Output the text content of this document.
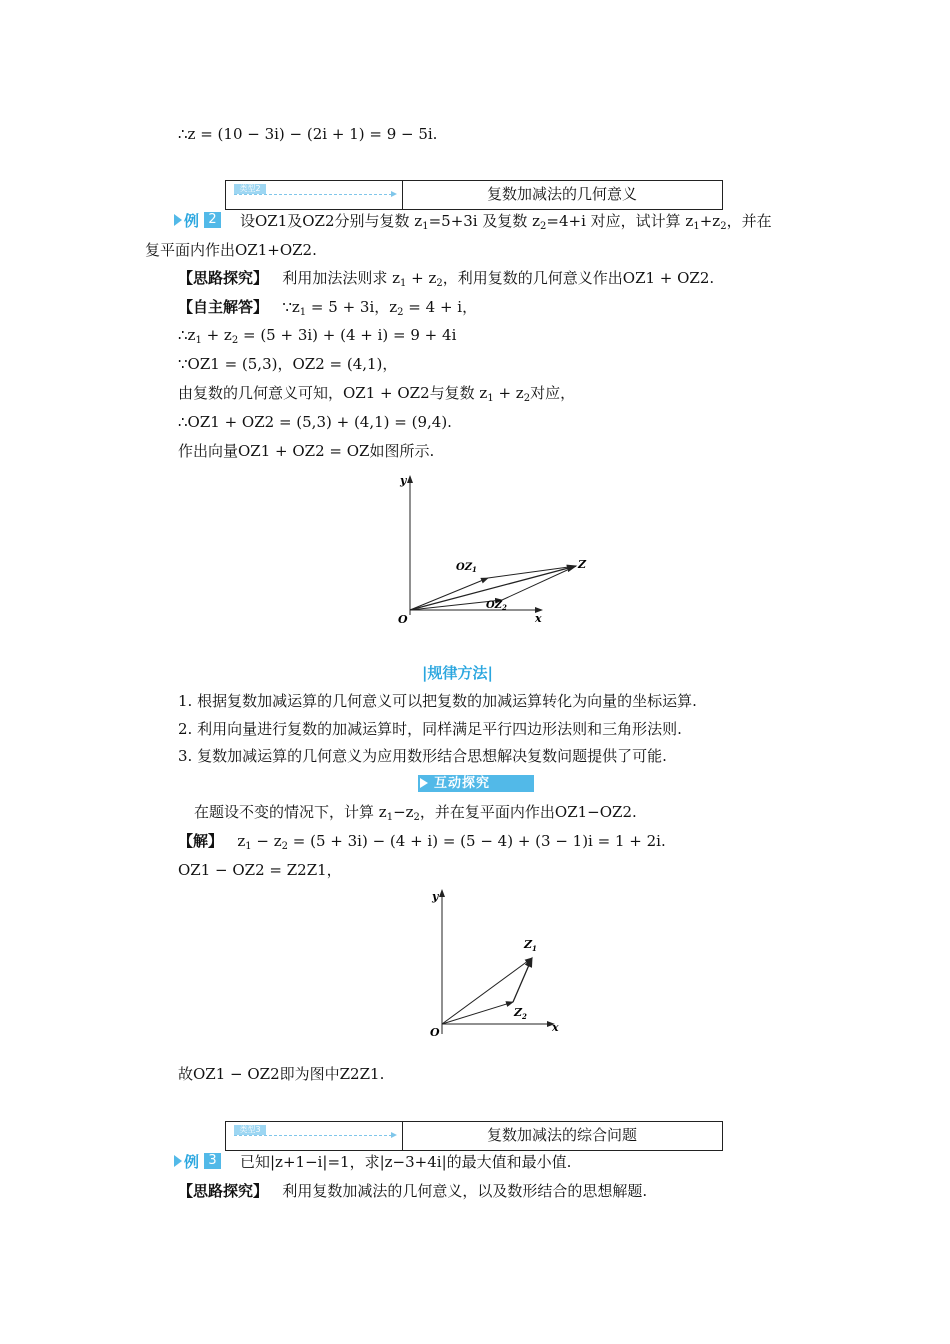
∴z = (10 − 3i) − (2i + 1) = 9 − 5i.
类型2	复数加减法的几何意义
例 2 设OZ1及OZ2分别与复数 $z_1=5+3i$ 及复数 $z_2=4+i$ 对应，试计算 $z_1+z_2$，并在
复平面内作出OZ1+OZ2.
【思路探究】 利用加法法则求 $z_1 + z_2$，利用复数的几何意义作出OZ1 + OZ2.
【自主解答】 $\because z_1 = 5 + 3i$，$z_2 = 4 + i$，
$\therefore z_1 + z_2 = (5 + 3i) + (4 + i) = 9 + 4i$
∵OZ1 = (5,3)，OZ2 = (4,1)，
由复数的几何意义可知，OZ1 + OZ2与复数 $z_1 + z_2$对应，
∴OZ1 + OZ2 = (5,3) + (4,1) = (9,4).
作出向量OZ1 + OZ2 = OZ如图所示.
y
x
O
Z
$OZ_1$
$OZ_2$
|规律方法|
1. 根据复数加减运算的几何意义可以把复数的加减运算转化为向量的坐标运算.
2. 利用向量进行复数的加减运算时，同样满足平行四边形法则和三角形法则.
3. 复数加减运算的几何意义为应用数形结合思想解决复数问题提供了可能.
互动探究
在题设不变的情况下，计算 $z_1-z_2$，并在复平面内作出OZ1−OZ2.
【解】 $z_1 - z_2 = (5 + 3i) - (4 + i) = (5 - 4) + (3 - 1)i = 1 + 2i$.
OZ1 − OZ2 = Z2Z1，
y
x
O
$Z_1$
$Z_2$
故OZ1 − OZ2即为图中Z2Z1.
类型3	复数加减法的综合问题
例 3 已知|z+1−i|=1，求|z−3+4i|的最大值和最小值.
【思路探究】 利用复数加减法的几何意义，以及数形结合的思想解题.
